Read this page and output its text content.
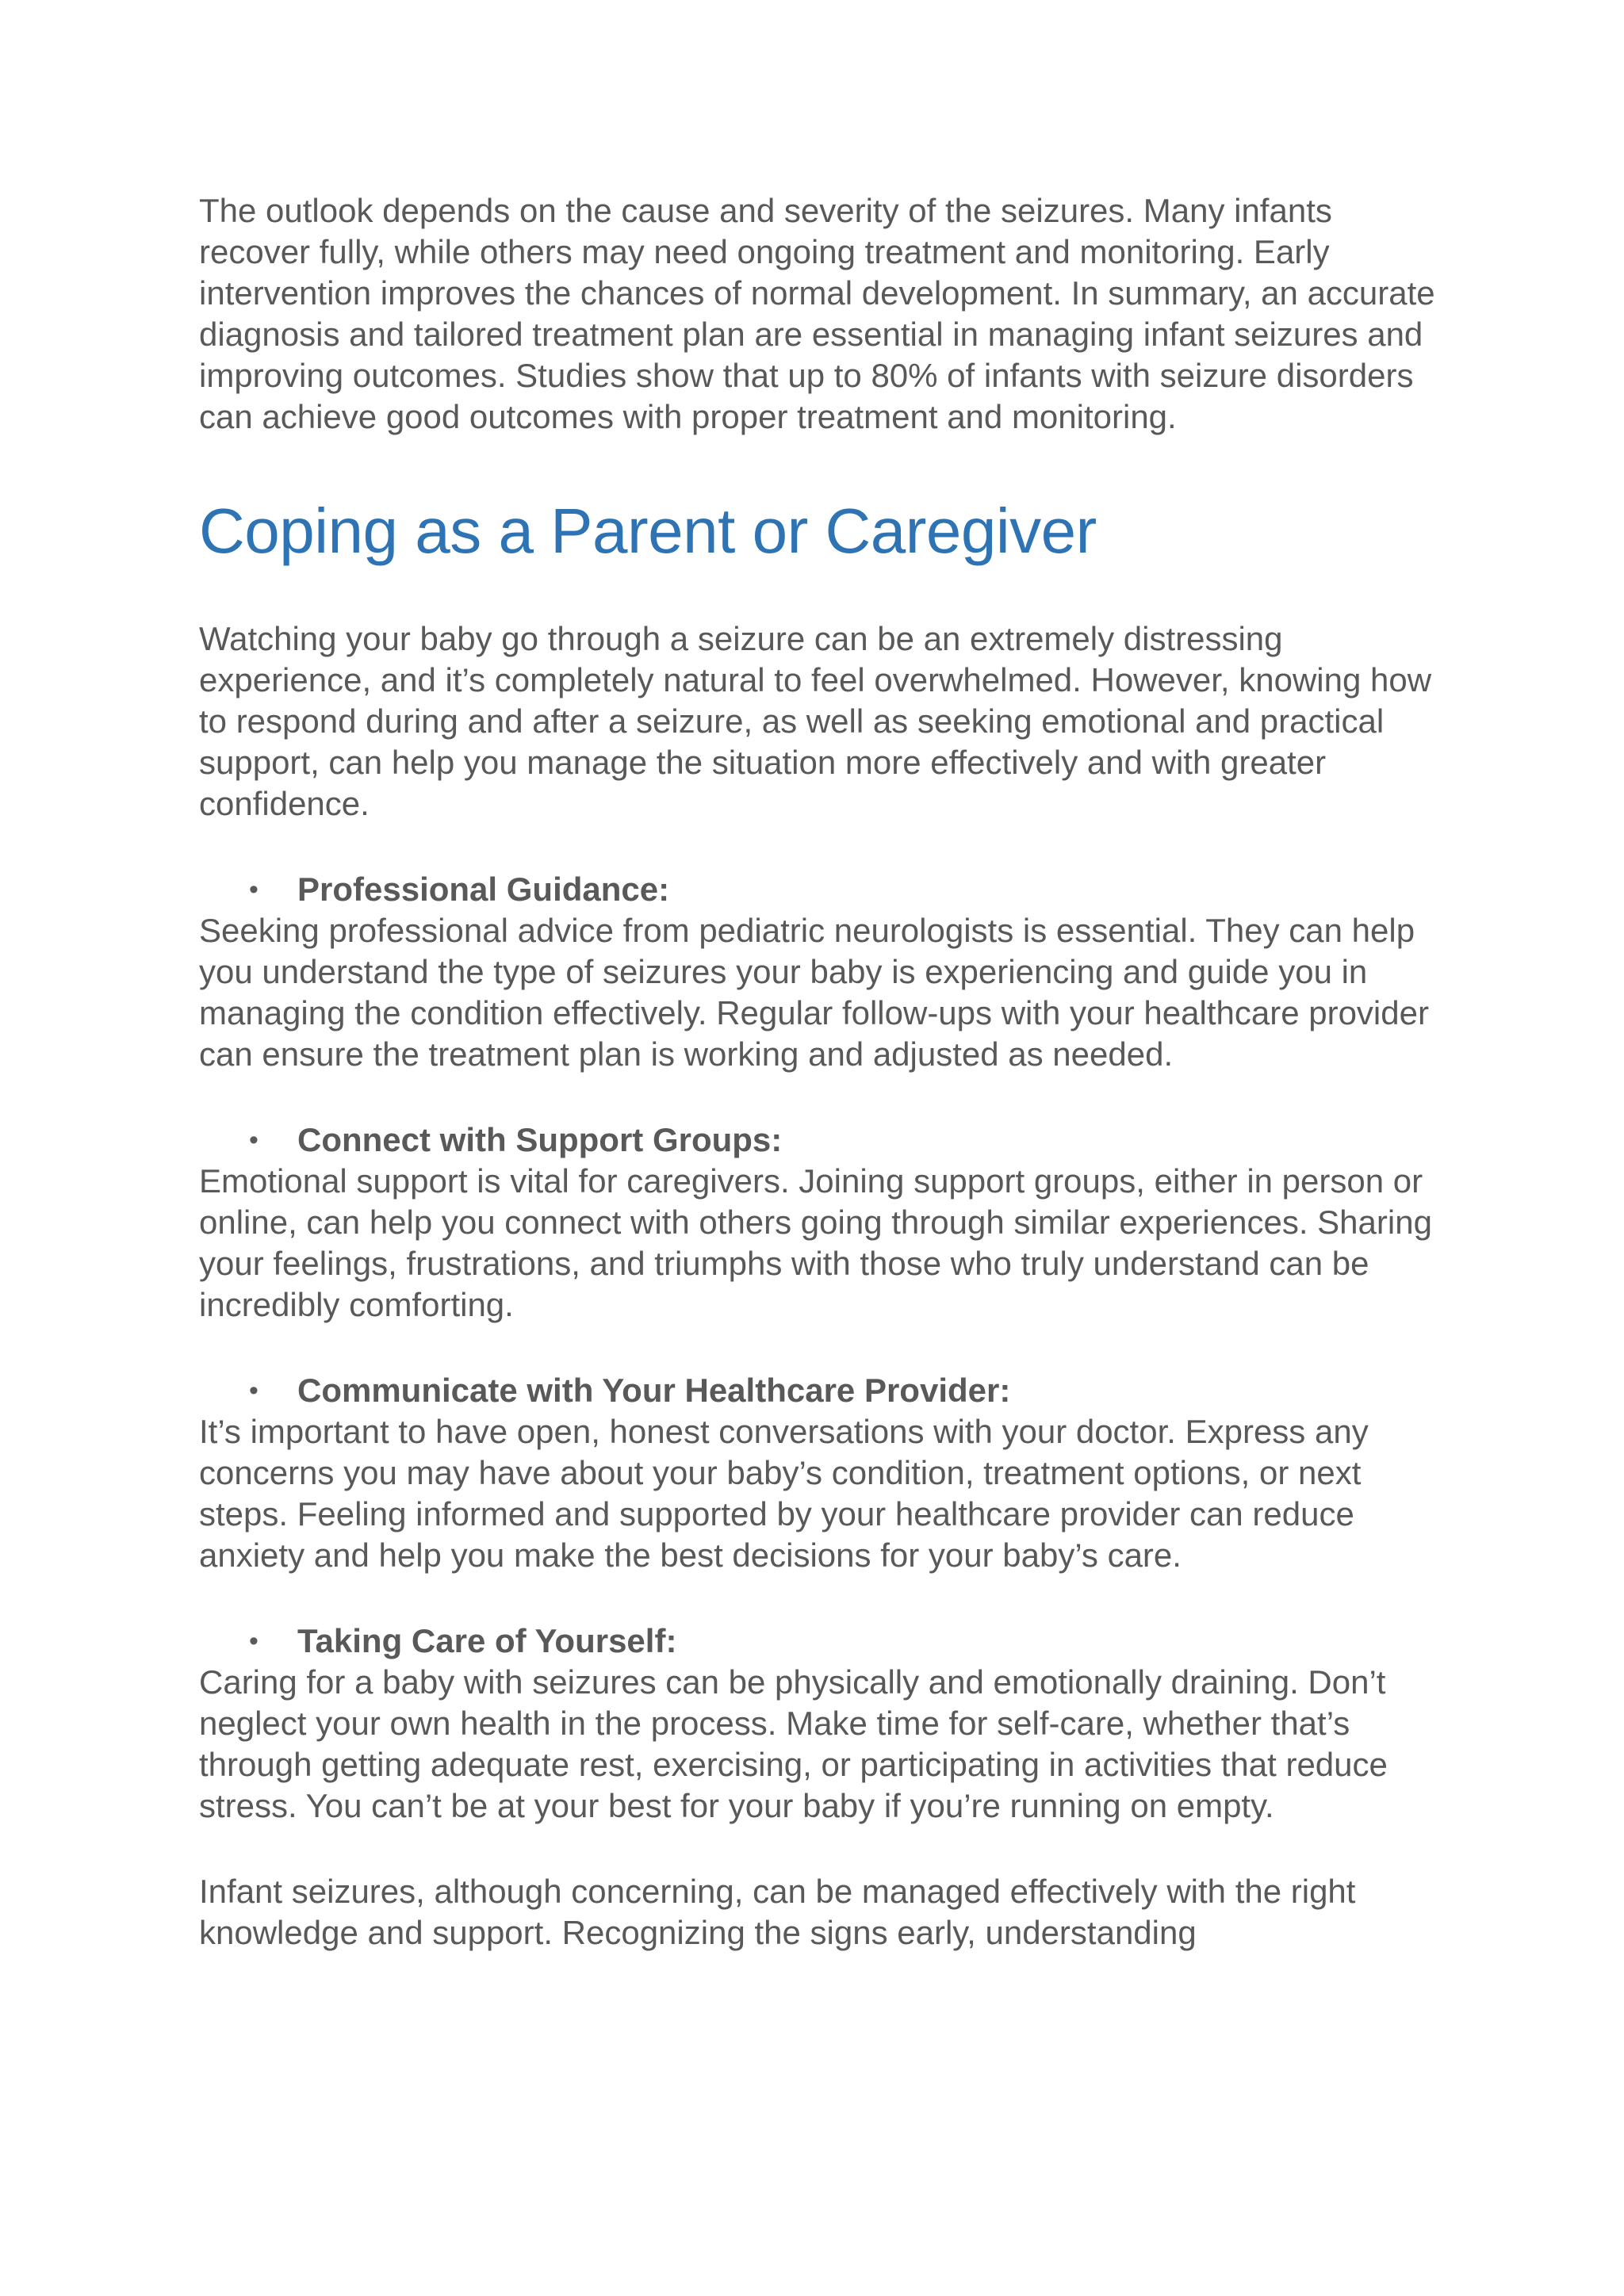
The outlook depends on the cause and severity of the seizures. Many infants recover fully, while others may need ongoing treatment and monitoring. Early intervention improves the chances of normal development. In summary, an accurate diagnosis and tailored treatment plan are essential in managing infant seizures and improving outcomes. Studies show that up to 80% of infants with seizure disorders can achieve good outcomes with proper treatment and monitoring.

Coping as a Parent or Caregiver

Watching your baby go through a seizure can be an extremely distressing experience, and it’s completely natural to feel overwhelmed. However, knowing how to respond during and after a seizure, as well as seeking emotional and practical support, can help you manage the situation more effectively and with greater confidence.

• Professional Guidance:

Seeking professional advice from pediatric neurologists is essential. They can help you understand the type of seizures your baby is experiencing and guide you in managing the condition effectively. Regular follow-ups with your healthcare provider can ensure the treatment plan is working and adjusted as needed.

• Connect with Support Groups:

Emotional support is vital for caregivers. Joining support groups, either in person or online, can help you connect with others going through similar experiences. Sharing your feelings, frustrations, and triumphs with those who truly understand can be incredibly comforting.

• Communicate with Your Healthcare Provider:

It’s important to have open, honest conversations with your doctor. Express any concerns you may have about your baby’s condition, treatment options, or next steps. Feeling informed and supported by your healthcare provider can reduce anxiety and help you make the best decisions for your baby’s care.

• Taking Care of Yourself:

Caring for a baby with seizures can be physically and emotionally draining. Don’t neglect your own health in the process. Make time for self-care, whether that’s through getting adequate rest, exercising, or participating in activities that reduce stress. You can’t be at your best for your baby if you’re running on empty.

Infant seizures, although concerning, can be managed effectively with the right knowledge and support. Recognizing the signs early, understanding
